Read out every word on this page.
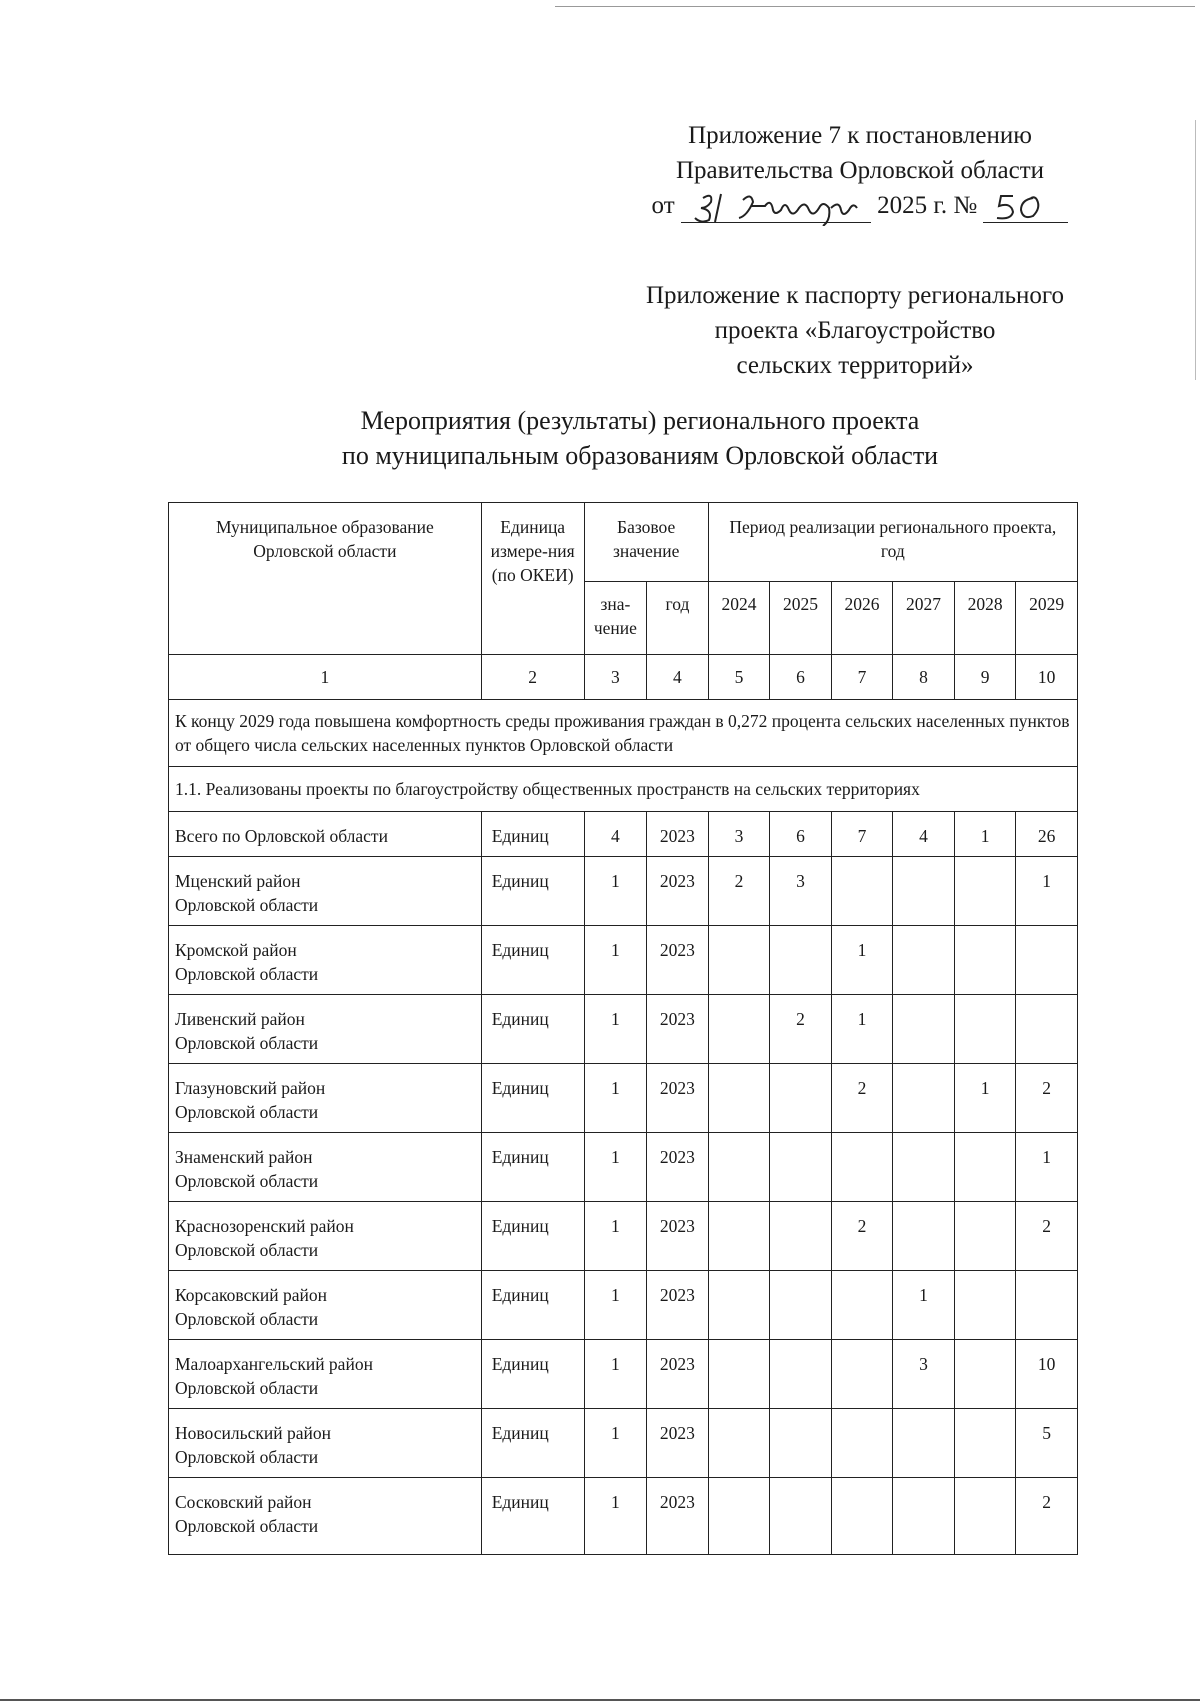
Приложение 7 к постановлению
Правительства Орловской области
от	2025 г. №
Приложение к паспорту регионального
проекта «Благоустройство
сельских территорий»
Мероприятия (результаты) регионального проекта
по муниципальным образованиям Орловской области
Муниципальное образование Орловской области	Единица измере-ния (по ОКЕИ)	Базовое значение		Период реализации регионального проекта, год					
		зна-чение	год	2024	2025	2026	2027	2028	2029
1	2	3	4	5	6	7	8	9	10
К концу 2029 года повышена комфортность среды проживания граждан в 0,272 процента сельских населенных пунктов от общего числа сельских населенных пунктов Орловской области									
1.1. Реализованы проекты по благоустройству общественных пространств на сельских территориях									

Всего по Орловской области	Единиц	4	2023	3	6	7	4	1	26

Мценский район
Орловской области	Единиц	1	2023	2	3				1

Кромской район
Орловской области	Единиц	1	2023			1			

Ливенский район
Орловской области	Единиц	1	2023		2	1			

Глазуновский район
Орловской области	Единиц	1	2023			2		1	2

Знаменский район
Орловской области	Единиц	1	2023						1

Краснозоренский район
Орловской области	Единиц	1	2023			2			2

Корсаковский район
Орловской области	Единиц	1	2023				1		

Малоархангельский район
Орловской области	Единиц	1	2023				3		10

Новосильский район
Орловской области	Единиц	1	2023						5

Сосковский район
Орловской области	Единиц	1	2023						2
